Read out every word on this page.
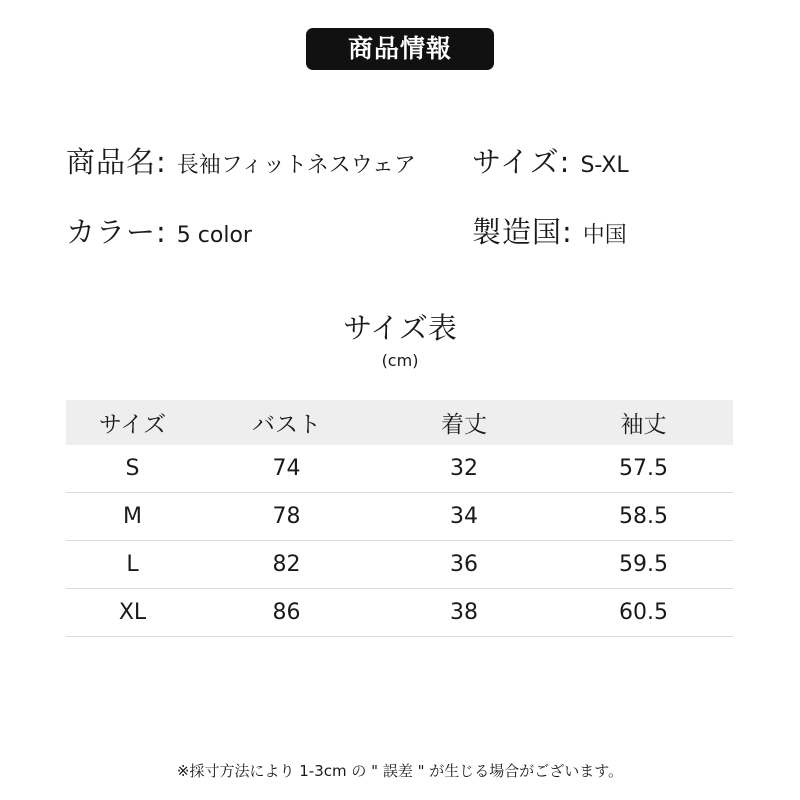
商品情報
商品名: 長袖フィットネスウェア サイズ: S-XL
カラー: 5 color	製造国: 中国
サイズ表
(cm)
サイズ	バスト	着丈	袖丈
S	74	32	57.5
M	78	34	58.5
L	82	36	59.5
XL	86	38	60.5
※採寸方法により 1-3cm の " 誤差 " が生じる場合がございます。
